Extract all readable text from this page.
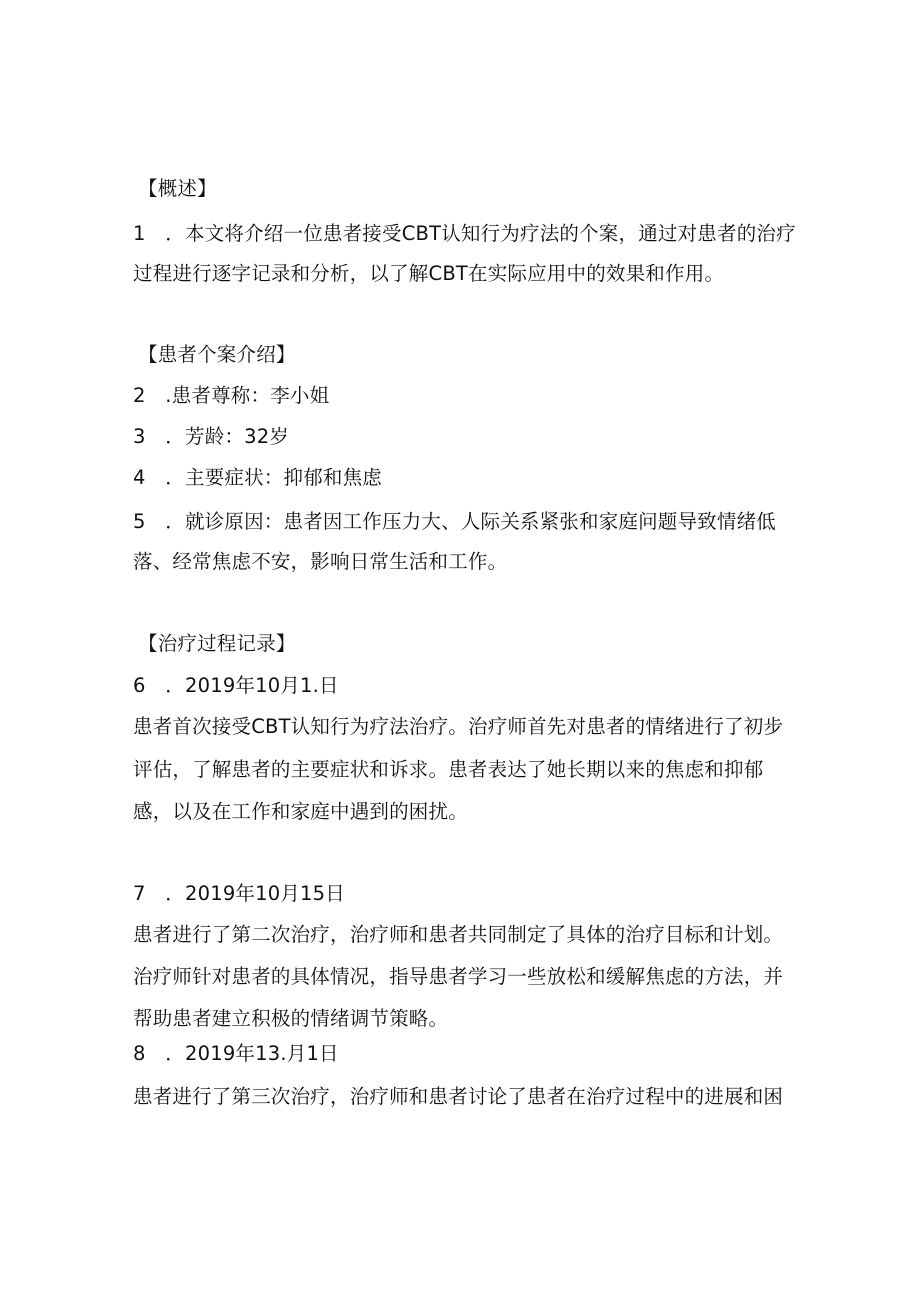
【概述】
1　．本文将介绍一位患者接受CBT认知行为疗法的个案，通过对患者的治疗
过程进行逐字记录和分析，以了解CBT在实际应用中的效果和作用。
【患者个案介绍】
2　.患者尊称：李小姐
3　．芳龄：32岁
4　．主要症状：抑郁和焦虑
5　．就诊原因：患者因工作压力大、人际关系紧张和家庭问题导致情绪低
落、经常焦虑不安，影响日常生活和工作。
【治疗过程记录】
6　．2019年10月1.日
患者首次接受CBT认知行为疗法治疗。治疗师首先对患者的情绪进行了初步
评估，了解患者的主要症状和诉求。患者表达了她长期以来的焦虑和抑郁
感，以及在工作和家庭中遇到的困扰。
7　．2019年10月15日
患者进行了第二次治疗，治疗师和患者共同制定了具体的治疗目标和计划。
治疗师针对患者的具体情况，指导患者学习一些放松和缓解焦虑的方法，并
帮助患者建立积极的情绪调节策略。
8　．2019年13.月1日
患者进行了第三次治疗，治疗师和患者讨论了患者在治疗过程中的进展和困
